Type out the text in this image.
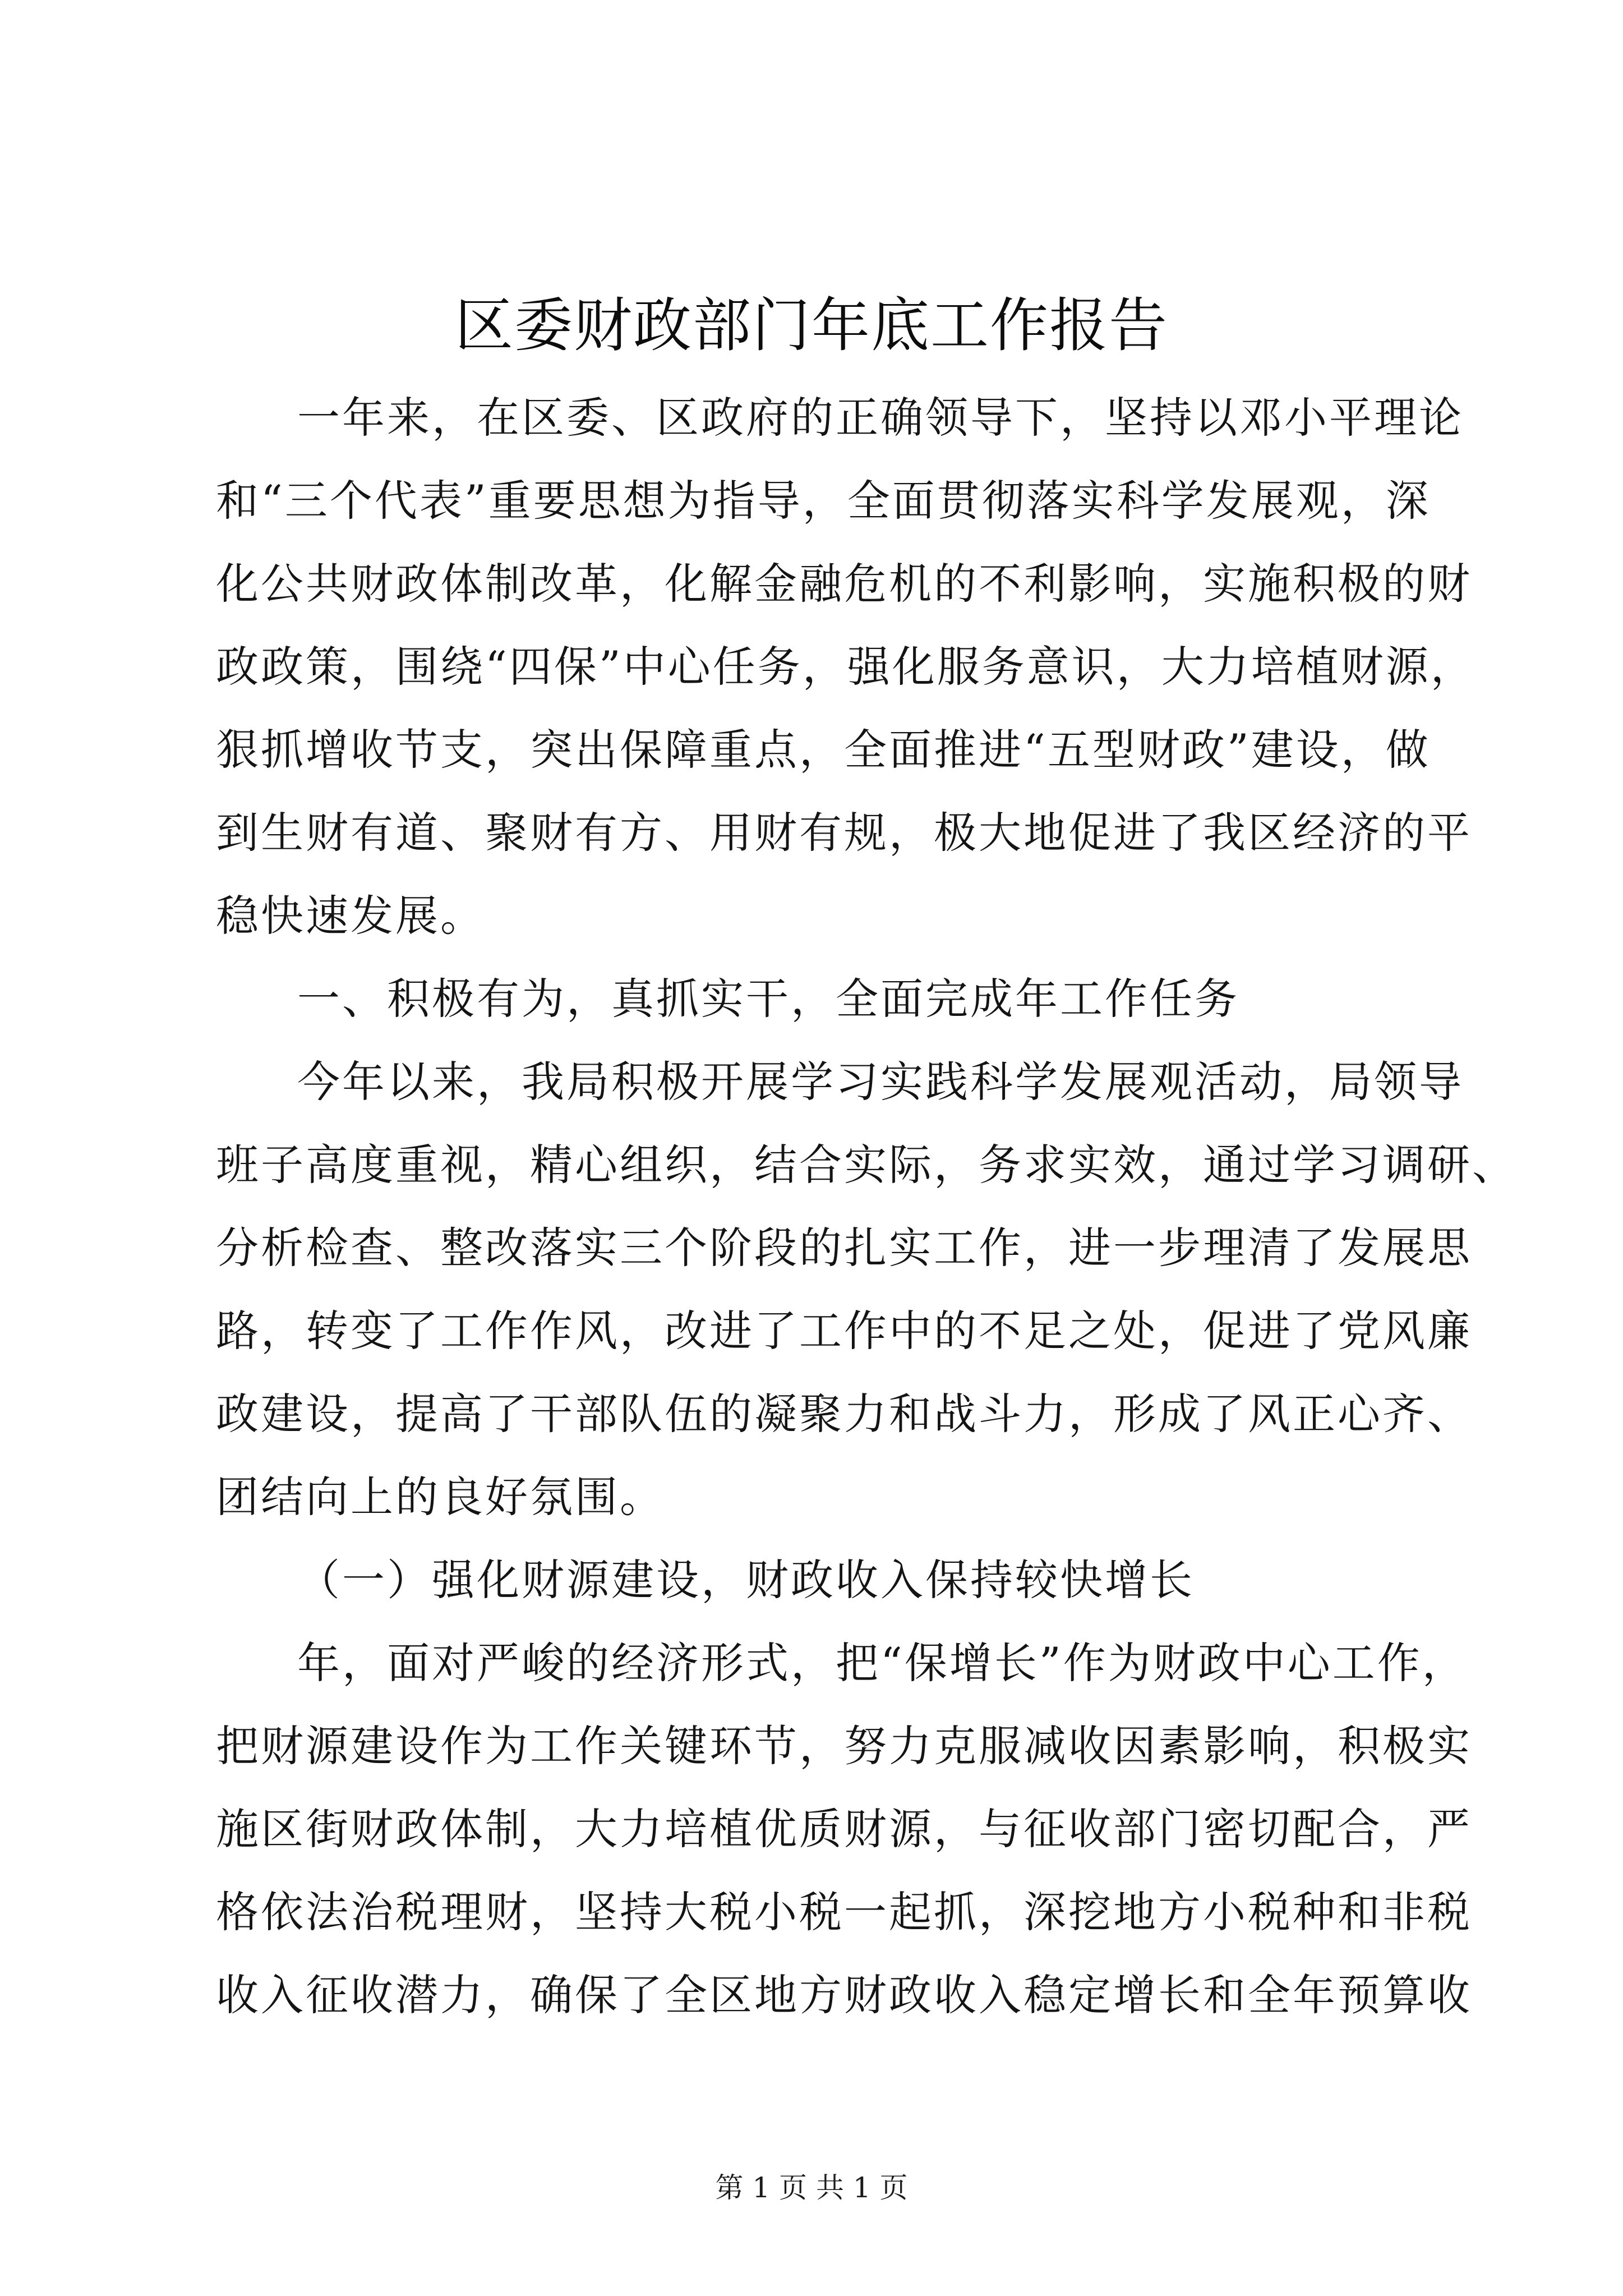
区委财政部门年底工作报告
一年来，在区委、区政府的正确领导下，坚持以邓小平理论
和“三个代表”重要思想为指导，全面贯彻落实科学发展观，深
化公共财政体制改革，化解金融危机的不利影响，实施积极的财
政政策，围绕“四保”中心任务，强化服务意识，大力培植财源，
狠抓增收节支，突出保障重点，全面推进“五型财政”建设，做
到生财有道、聚财有方、用财有规，极大地促进了我区经济的平
稳快速发展。
一、积极有为，真抓实干，全面完成年工作任务
今年以来，我局积极开展学习实践科学发展观活动，局领导
班子高度重视，精心组织，结合实际，务求实效，通过学习调研、
分析检查、整改落实三个阶段的扎实工作，进一步理清了发展思
路，转变了工作作风，改进了工作中的不足之处，促进了党风廉
政建设，提高了干部队伍的凝聚力和战斗力，形成了风正心齐、
团结向上的良好氛围。
（一）强化财源建设，财政收入保持较快增长
年，面对严峻的经济形式，把“保增长”作为财政中心工作，
把财源建设作为工作关键环节，努力克服减收因素影响，积极实
施区街财政体制，大力培植优质财源，与征收部门密切配合，严
格依法治税理财，坚持大税小税一起抓，深挖地方小税种和非税
收入征收潜力，确保了全区地方财政收入稳定增长和全年预算收
第 1 页 共 1 页
